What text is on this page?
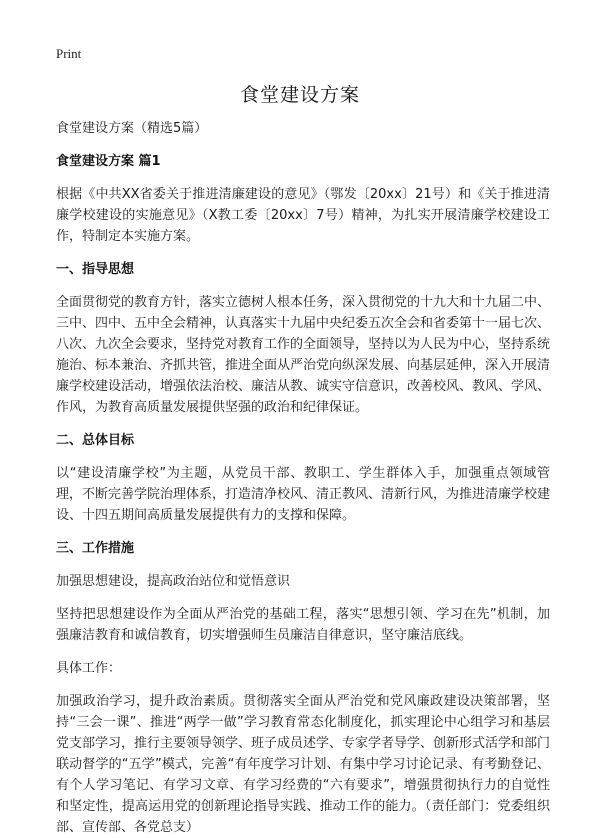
Print
食堂建设方案

食堂建设方案（精选5篇）

食堂建设方案 篇1

根据《中共XX省委关于推进清廉建设的意见》（鄂发〔20xx〕21号）和《关于推进清廉学校建设的实施意见》（X教工委〔20xx〕7号）精神，为扎实开展清廉学校建设工作，特制定本实施方案。

一、指导思想

全面贯彻党的教育方针，落实立德树人根本任务，深入贯彻党的十九大和十九届二中、三中、四中、五中全会精神，认真落实十九届中央纪委五次全会和省委第十一届七次、八次、九次全会要求，坚持党对教育工作的全面领导，坚持以为人民为中心，坚持系统施治、标本兼治、齐抓共管，推进全面从严治党向纵深发展、向基层延伸，深入开展清廉学校建设活动，增强依法治校、廉洁从教、诚实守信意识，改善校风、教风、学风、作风，为教育高质量发展提供坚强的政治和纪律保证。

二、总体目标

以“建设清廉学校”为主题，从党员干部、教职工、学生群体入手，加强重点领域管理，不断完善学院治理体系，打造清净校风、清正教风、清新行风，为推进清廉学校建设、十四五期间高质量发展提供有力的支撑和保障。

三、工作措施

加强思想建设，提高政治站位和觉悟意识

坚持把思想建设作为全面从严治党的基础工程，落实“思想引领、学习在先”机制，加强廉洁教育和诚信教育，切实增强师生员廉洁自律意识，坚守廉洁底线。

具体工作：

加强政治学习，提升政治素质。贯彻落实全面从严治党和党风廉政建设决策部署，坚持“三会一课”、推进“两学一做”学习教育常态化制度化，抓实理论中心组学习和基层党支部学习，推行主要领导领学、班子成员述学、专家学者导学、创新形式活学和部门联动督学的“五学”模式，完善“有年度学习计划、有集中学习讨论记录、有考勤登记、有个人学习笔记、有学习文章、有学习经费的“六有要求”，增强贯彻执行力的自觉性和坚定性，提高运用党的创新理论指导实践、推动工作的能力。（责任部门：党委组织部、宣传部、各党总支）
